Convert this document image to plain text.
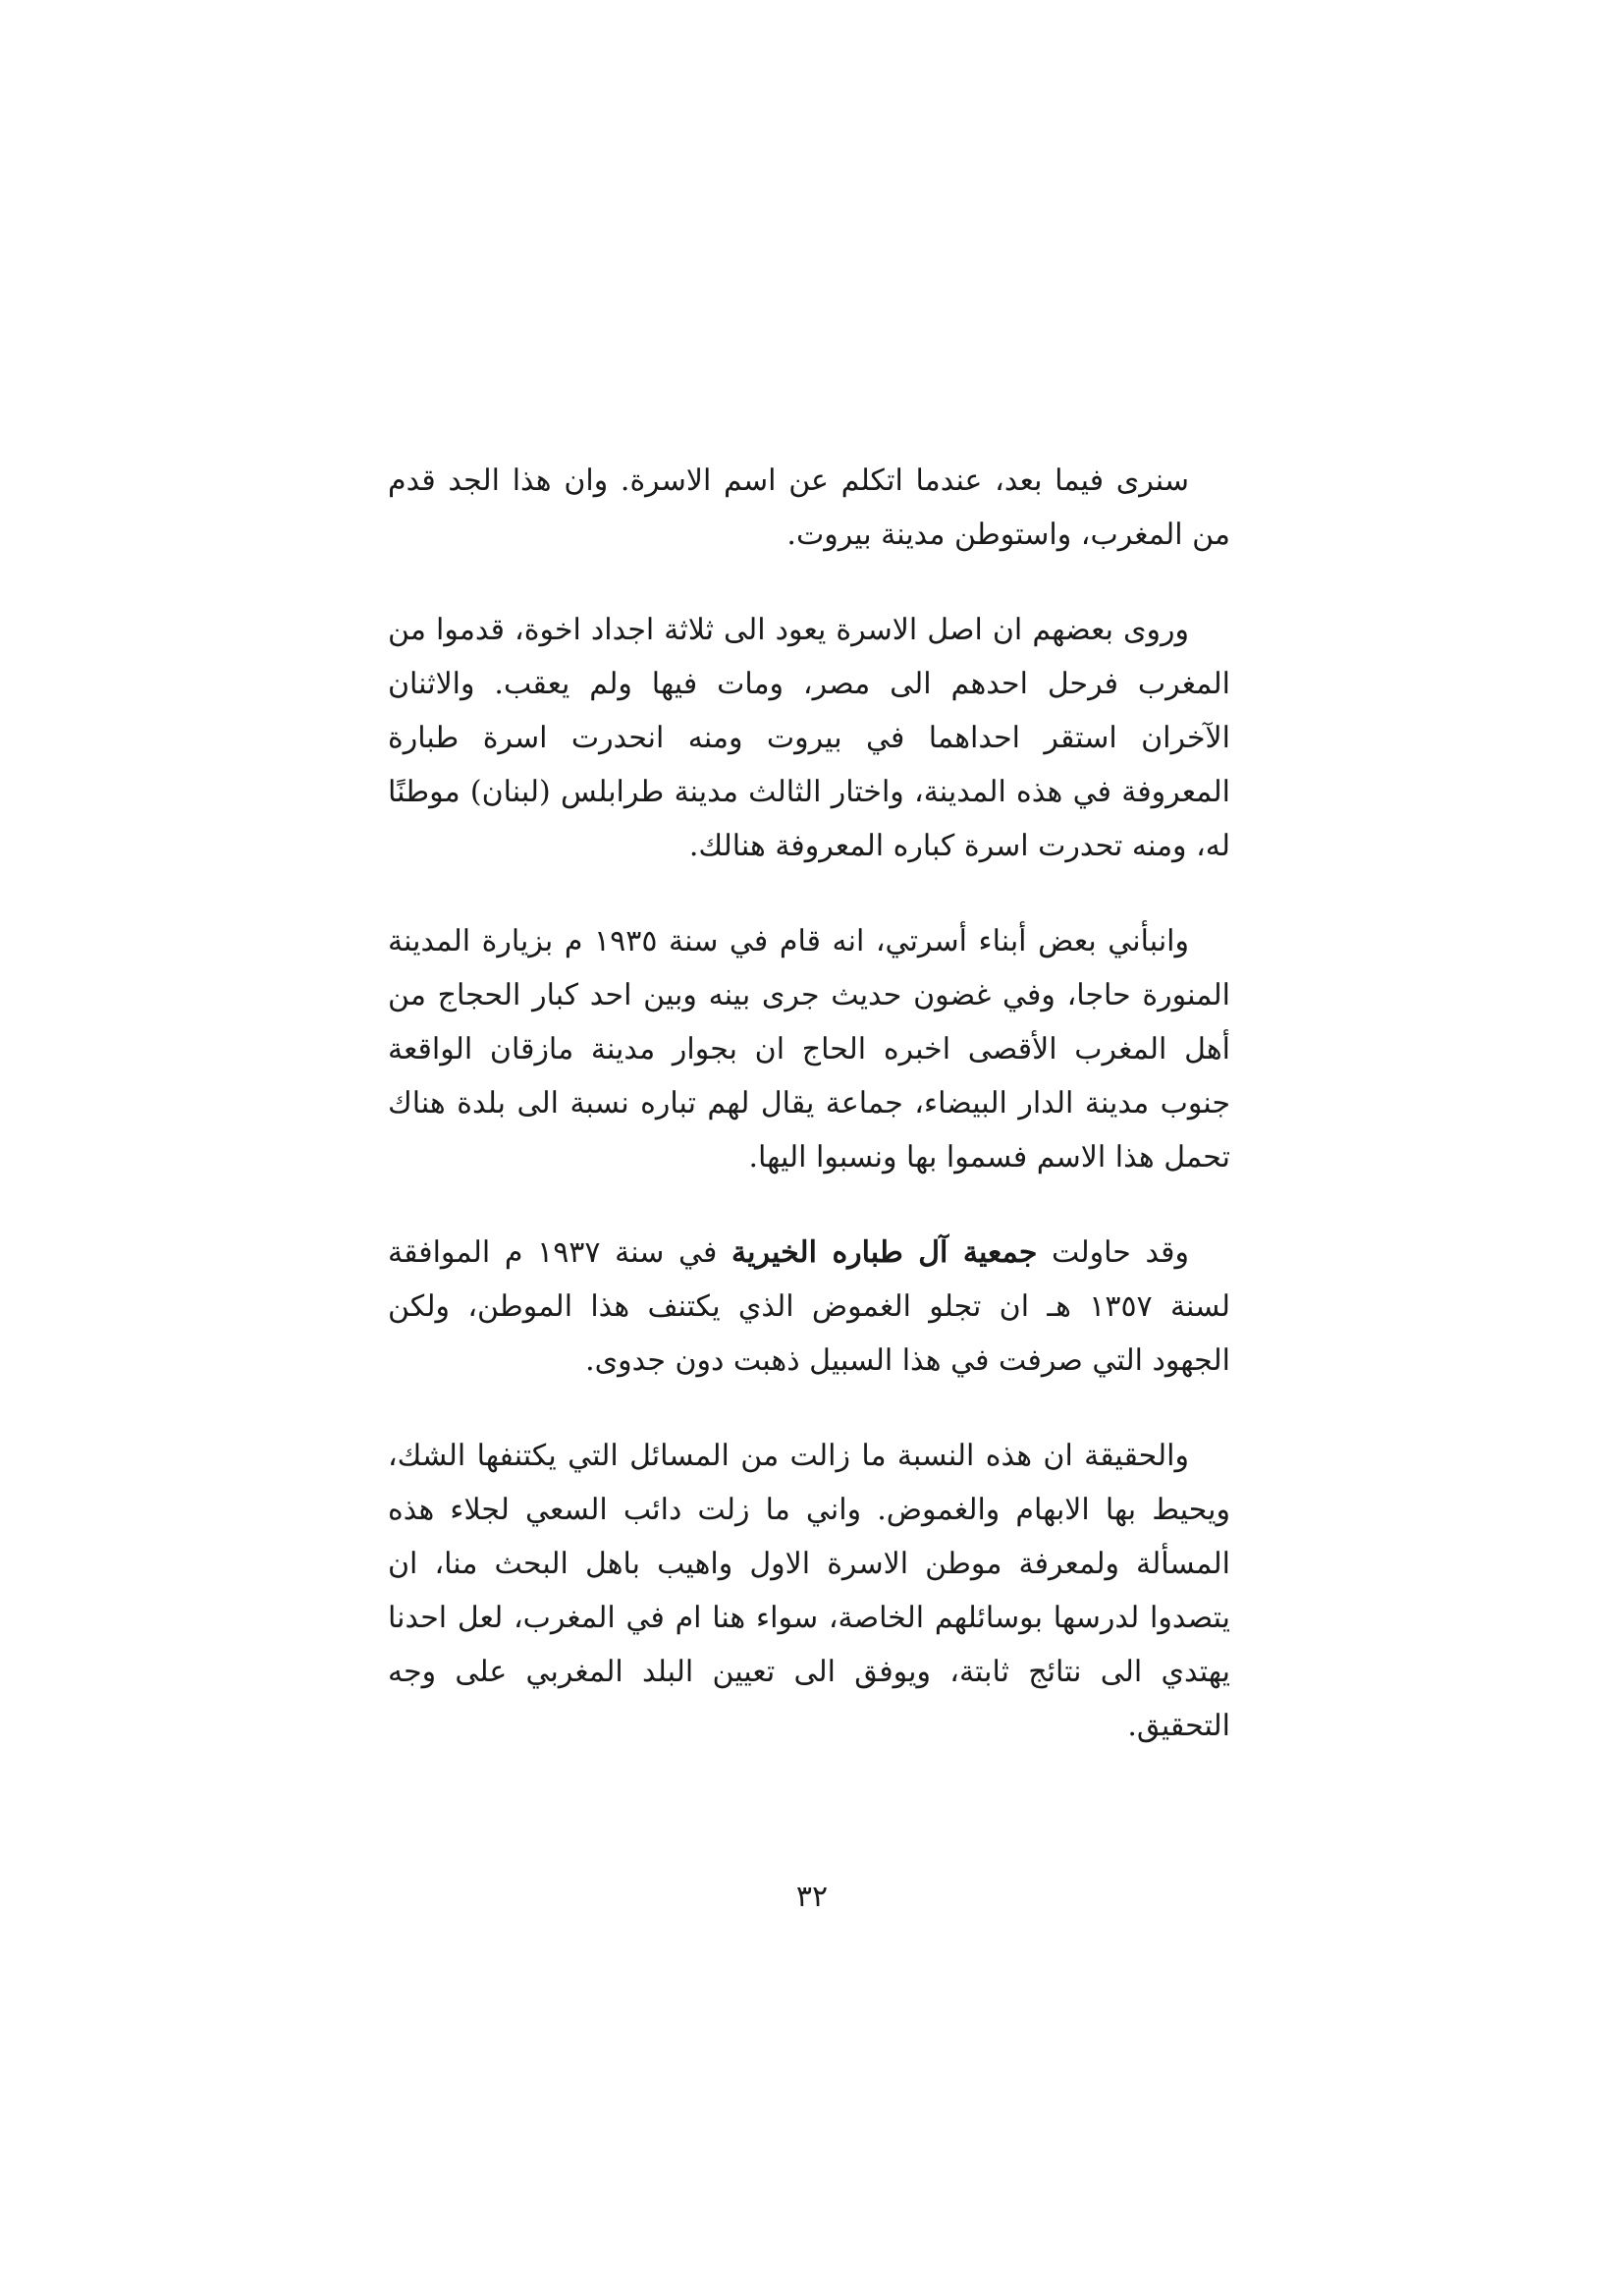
سنرى فيما بعد، عندما اتكلم عن اسم الاسرة. وان هذا الجد قدم من المغرب، واستوطن مدينة بيروت.

وروى بعضهم ان اصل الاسرة يعود الى ثلاثة اجداد اخوة، قدموا من المغرب فرحل احدهم الى مصر، ومات فيها ولم يعقب. والاثنان الآخران استقر احداهما في بيروت ومنه انحدرت اسرة طبارة المعروفة في هذه المدينة، واختار الثالث مدينة طرابلس (لبنان) موطنًا له، ومنه تحدرت اسرة كباره المعروفة هنالك.

وانبأني بعض أبناء أسرتي، انه قام في سنة ١٩٣٥ م بزيارة المدينة المنورة حاجا، وفي غضون حديث جرى بينه وبين احد كبار الحجاج من أهل المغرب الأقصى اخبره الحاج ان بجوار مدينة مازقان الواقعة جنوب مدينة الدار البيضاء، جماعة يقال لهم تباره نسبة الى بلدة هناك تحمل هذا الاسم فسموا بها ونسبوا اليها.

وقد حاولت جمعية آل طباره الخيرية في سنة ١٩٣٧ م الموافقة لسنة ١٣٥٧ هـ ان تجلو الغموض الذي يكتنف هذا الموطن، ولكن الجهود التي صرفت في هذا السبيل ذهبت دون جدوى.

والحقيقة ان هذه النسبة ما زالت من المسائل التي يكتنفها الشك، ويحيط بها الابهام والغموض. واني ما زلت دائب السعي لجلاء هذه المسألة ولمعرفة موطن الاسرة الاول واهيب باهل البحث منا، ان يتصدوا لدرسها بوسائلهم الخاصة، سواء هنا ام في المغرب، لعل احدنا يهتدي الى نتائج ثابتة، ويوفق الى تعيين البلد المغربي على وجه التحقيق.

٣٢
